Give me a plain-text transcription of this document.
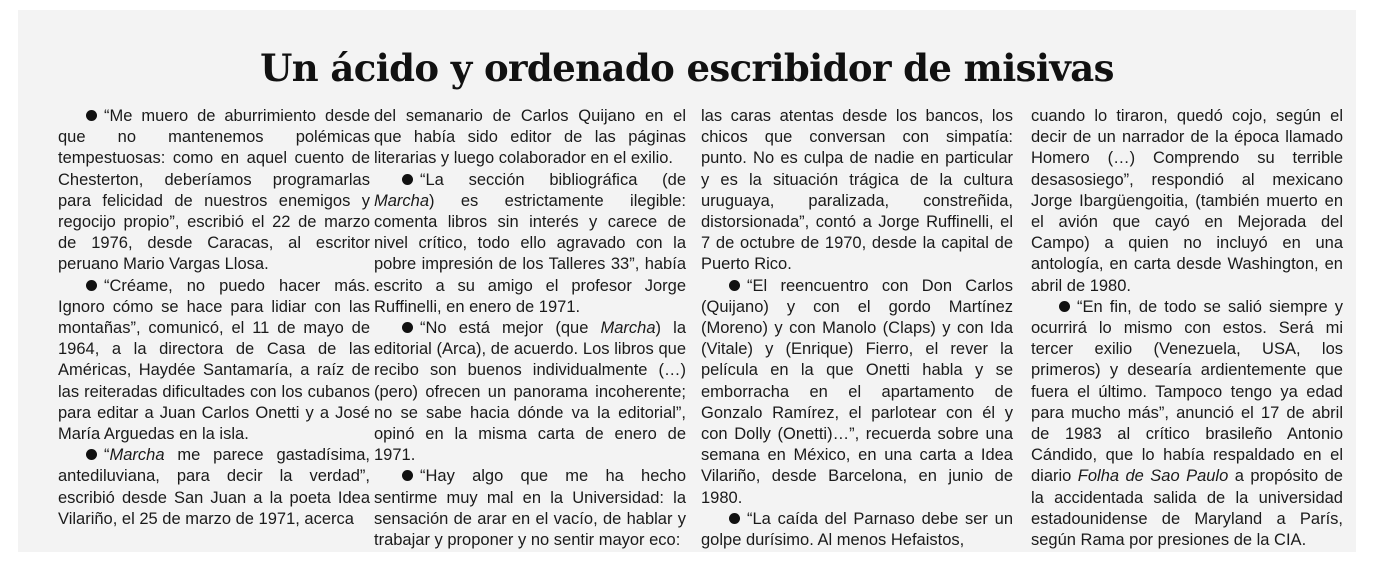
Un ácido y ordenado escribidor de misivas

“Me muero de aburrimiento desde que no mantenemos polémicas tempestuosas: como en aquel cuento de Chesterton, deberíamos programarlas para felicidad de nuestros enemigos y regocijo propio”, escribió el 22 de marzo de 1976, desde Caracas, al escritor peruano Mario Vargas Llosa.

“Créame, no puedo hacer más. Ignoro cómo se hace para lidiar con las montañas”, comunicó, el 11 de mayo de 1964, a la directora de Casa de las Américas, Haydée Santamaría, a raíz de las reiteradas dificultades con los cubanos para editar a Juan Carlos Onetti y a José María Arguedas en la isla.

“Marcha me parece gastadísima, antediluviana, para decir la verdad”, escribió desde San Juan a la poeta Idea Vilariño, el 25 de marzo de 1971, acerca

del semanario de Carlos Quijano en el que había sido editor de las páginas literarias y luego colaborador en el exilio.

“La sección bibliográfica (de Marcha) es estrictamente ilegible: comenta libros sin interés y carece de nivel crítico, todo ello agravado con la pobre impresión de los Talleres 33”, había escrito a su amigo el profesor Jorge Ruffinelli, en enero de 1971.

“No está mejor (que Marcha) la editorial (Arca), de acuerdo. Los libros que recibo son buenos individualmente (…) (pero) ofrecen un panorama incoherente; no se sabe hacia dónde va la editorial”, opinó en la misma carta de enero de 1971.

“Hay algo que me ha hecho sentirme muy mal en la Universidad: la sensación de arar en el vacío, de hablar y trabajar y proponer y no sentir mayor eco:

las caras atentas desde los bancos, los chicos que conversan con simpatía: punto. No es culpa de nadie en particular y es la situación trágica de la cultura uruguaya, paralizada, constreñida, distorsionada”, contó a Jorge Ruffinelli, el 7 de octubre de 1970, desde la capital de Puerto Rico.

“El reencuentro con Don Carlos (Quijano) y con el gordo Martínez (Moreno) y con Manolo (Claps) y con Ida (Vitale) y (Enrique) Fierro, el rever la película en la que Onetti habla y se emborracha en el apartamento de Gonzalo Ramírez, el parlotear con él y con Dolly (Onetti)…”, recuerda sobre una semana en México, en una carta a Idea Vilariño, desde Barcelona, en junio de 1980.

“La caída del Parnaso debe ser un golpe durísimo. Al menos Hefaistos,

cuando lo tiraron, quedó cojo, según el decir de un narrador de la época llamado Homero (…) Comprendo su terrible desasosiego”, respondió al mexicano Jorge Ibargüengoitia, (también muerto en el avión que cayó en Mejorada del Campo) a quien no incluyó en una antología, en carta desde Washington, en abril de 1980.

“En fin, de todo se salió siempre y ocurrirá lo mismo con estos. Será mi tercer exilio (Venezuela, USA, los primeros) y desearía ardientemente que fuera el último. Tampoco tengo ya edad para mucho más”, anunció el 17 de abril de 1983 al crítico brasileño Antonio Cándido, que lo había respaldado en el diario Folha de Sao Paulo a propósito de la accidentada salida de la universidad estadounidense de Maryland a París, según Rama por presiones de la CIA.
